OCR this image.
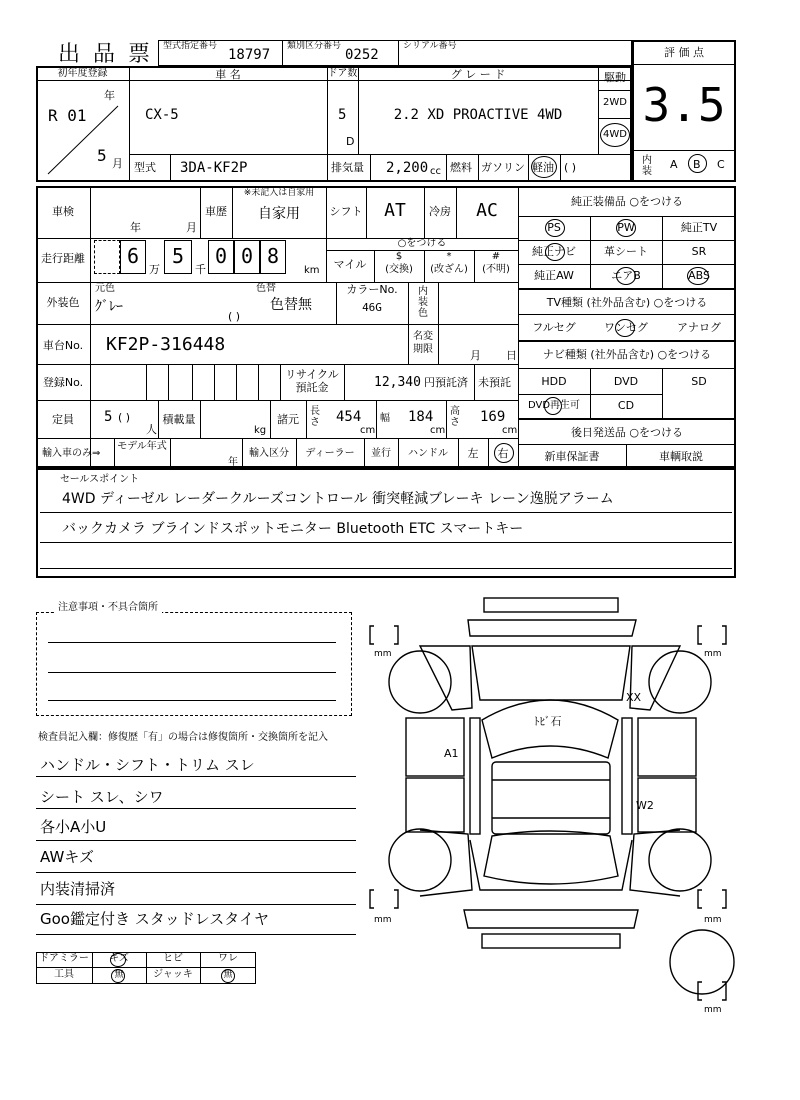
出 品 票 型式指定番号
18797
類別区分番号
0252
シリアル番号	評 価 点
3.5
内装
A B C
初年度登録
年
R 01
5 月
車 名
CX-5
ドア数
5
D
グ レ ー ド
2.2 XD PROACTIVE 4WD
駆動
2WD
4WD
型式 3DA-KF2P	排気量 2,200 cc 燃料 ガソリン 軽油 ( )
車検
年	月
車歴
※未記入は自家用
自家用	シフト	AT	冷房	AC
走行距離	6
万
5
千
0 0 8
km
○をつける
マイル
$
(交換)
*
(改ざん)
#
(不明)
外装色
元色
ｸﾞﾚｰ
色替
色替無
( )
カラーNo.
46G
内装色
車台No.	KF2P-316448	名変期限	月 日
登録No.
リサイクル預託金	12,340 円預託済 未預託
定員	5 ( )
人
積載量
kg
諸元
長さ 454
cm
幅 184
cm
高さ 169
cm
輸入車のみ⇒
モデル年式
年
輸入区分	ディーラー	並行	ハンドル	左	右
純正装備品 ○をつける
PS	PW	純正TV
純正ナビ	革シート	SR
純正AW	エアB	ABS
TV種類 (社外品含む) ○をつける
フルセグ	ワンセグ	アナログ
ナビ種類 (社外品含む) ○をつける
HDD	DVD	SD
DVD再生可	CD
後日発送品 ○をつける
新車保証書	車輌取説
セールスポイント
4WD ディーゼル レーダークルーズコントロール 衝突軽減ブレーキ レーン逸脱アラーム
バックカメラ ブラインドスポットモニター Bluetooth ETC スマートキー
注意事項・不具合箇所
検査員記入欄：修復歴「有」の場合は修復箇所・交換箇所を記入
ハンドル・シフト・トリム スレ
シート スレ、シワ
各小A小U
AWキズ
内装清掃済
Goo鑑定付き スタッドレスタイヤ
ドアミラー	キズ	ヒビ	ワレ
工具	無	ジャッキ	無
mm	mm
mm	mm
mm
XX
ﾄﾋﾞ石
A1
W2
